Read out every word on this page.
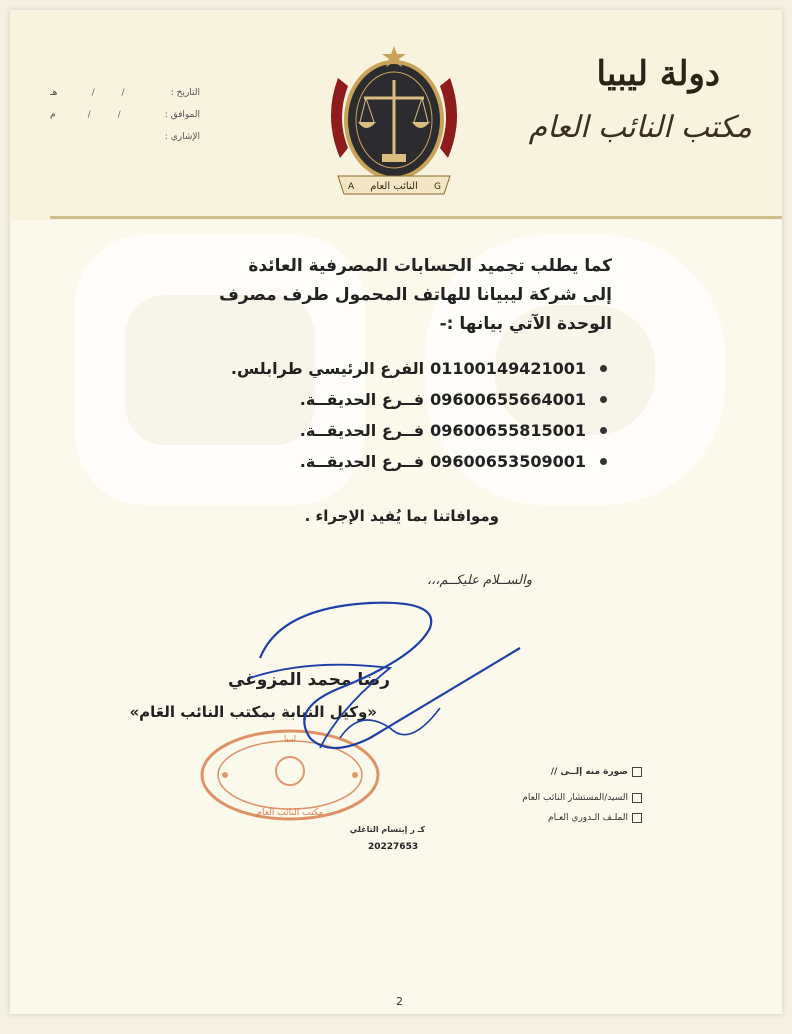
دولة ليبيا
مكتب النائب العام
التاريخ :
/ /
هـ
الموافق :
/ /
م
الإشاري :
النائب العام
A	G
كما يطلب تجميد الحسابات المصرفية العائدة
إلى شركة ليبيانا للهاتف المحمول طرف مصرف
الوحدة الآتي بيانها :-
01100149421001
الفرع الرئيسي طرابلس.
09600655664001
فــرع الحديقــة.
09600655815001
فــرع الحديقــة.
09600653509001
فــرع الحديقــة.
وموافاتنا بما يُفيد الإجراء .
والســلام عليكــم،،،
ليبيا
مكتب النائب العام
رضا محمد المزوغي
«وكيل النيابة بمكتب النائب العَام»
صورة منه إلــى //
السيد/المستشار النائب العام
الملـف الـدوري العـام
كـ ر إبتسام التاغلي
20227653
2
